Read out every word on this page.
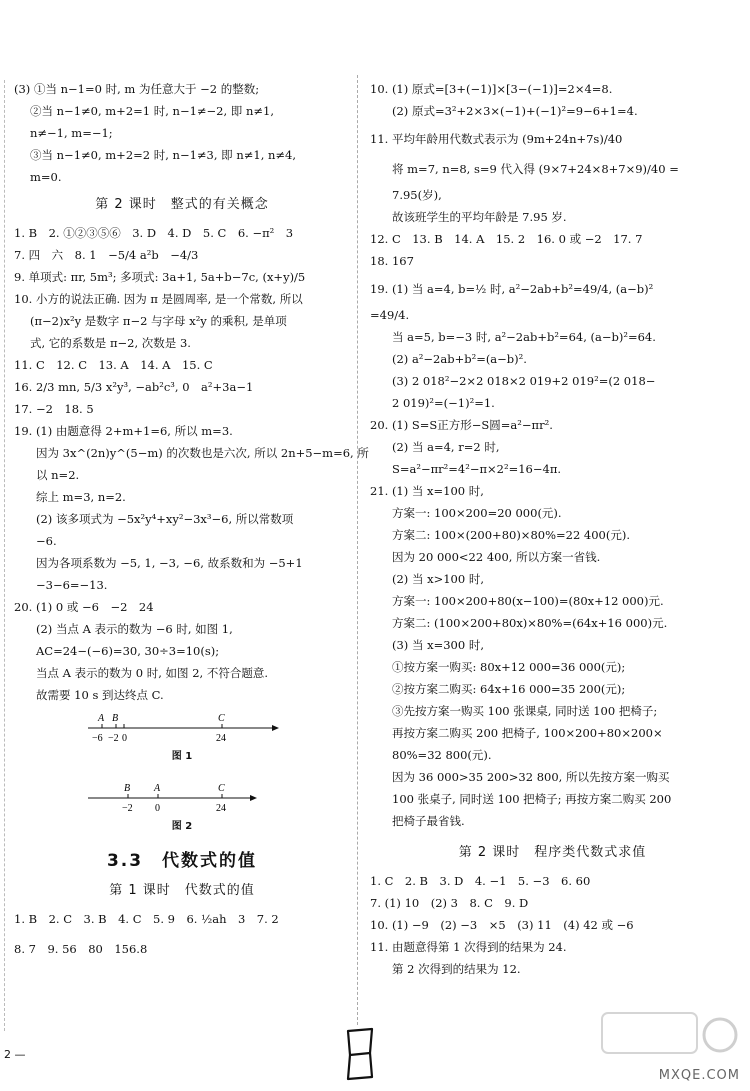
(3) ①当 n−1=0 时, m 为任意大于 −2 的整数;
②当 n−1≠0, m+2=1 时, n−1≠−2, 即 n≠1,
n≠−1, m=−1;
③当 n−1≠0, m+2=2 时, n−1≠3, 即 n≠1, n≠4,
m=0.
第 2 课时　整式的有关概念
1. B　2. ①②③⑤⑥　3. D　4. D　5. C　6. −π²　3
7. 四　六　8. 1　−5/4 a²b　−4/3
9. 单项式: πr, 5m³; 多项式: 3a+1, 5a+b−7c, (x+y)/5
10. 小方的说法正确. 因为 π 是圆周率, 是一个常数, 所以
(π−2)x²y 是数字 π−2 与字母 x²y 的乘积, 是单项
式, 它的系数是 π−2, 次数是 3.
11. C　12. C　13. A　14. A　15. C
16. 2/3 mn, 5/3 x²y³, −ab²c³, 0　a²+3a−1
17. −2　18. 5
19. (1) 由题意得 2+m+1=6, 所以 m=3.
因为 3x^(2n)y^(5−m) 的次数也是六次, 所以 2n+5−m=6, 所
以 n=2.
综上 m=3, n=2.
(2) 该多项式为 −5x²y⁴+xy²−3x³−6, 所以常数项
−6.
因为各项系数为 −5, 1, −3, −6, 故系数和为 −5+1
−3−6=−13.
20. (1) 0 或 −6　−2　24
(2) 当点 A 表示的数为 −6 时, 如图 1,
AC=24−(−6)=30, 30÷3=10(s);
当点 A 表示的数为 0 时, 如图 2, 不符合题意.
故需要 10 s 到达终点 C.
A B	C
−6 −2 0	24
图 1
B A	C
−2 0	24
图 2
3.3　代数式的值
第 1 课时　代数式的值
1. B　2. C　3. B　4. C　5. 9　6. ½ah　3　7. 2
8. 7　9. 56　80　156.8
10. (1) 原式=[3+(−1)]×[3−(−1)]=2×4=8.
(2) 原式=3²+2×3×(−1)+(−1)²=9−6+1=4.
11. 平均年龄用代数式表示为 (9m+24n+7s)/40
将 m=7, n=8, s=9 代入得 (9×7+24×8+7×9)/40 =
7.95(岁),
故该班学生的平均年龄是 7.95 岁.
12. C　13. B　14. A　15. 2　16. 0 或 −2　17. 7
18. 167
19. (1) 当 a=4, b=½ 时, a²−2ab+b²=49/4, (a−b)²
=49/4.
当 a=5, b=−3 时, a²−2ab+b²=64, (a−b)²=64.
(2) a²−2ab+b²=(a−b)².
(3) 2 018²−2×2 018×2 019+2 019²=(2 018−
2 019)²=(−1)²=1.
20. (1) S=S正方形−S圆=a²−πr².
(2) 当 a=4, r=2 时,
S=a²−πr²=4²−π×2²=16−4π.
21. (1) 当 x=100 时,
方案一: 100×200=20 000(元).
方案二: 100×(200+80)×80%=22 400(元).
因为 20 000<22 400, 所以方案一省钱.
(2) 当 x>100 时,
方案一: 100×200+80(x−100)=(80x+12 000)元.
方案二: (100×200+80x)×80%=(64x+16 000)元.
(3) 当 x=300 时,
①按方案一购买: 80x+12 000=36 000(元);
②按方案二购买: 64x+16 000=35 200(元);
③先按方案一购买 100 张课桌, 同时送 100 把椅子;
再按方案二购买 200 把椅子, 100×200+80×200×
80%=32 800(元).
因为 36 000>35 200>32 800, 所以先按方案一购买
100 张桌子, 同时送 100 把椅子; 再按方案二购买 200
把椅子最省钱.
第 2 课时　程序类代数式求值
1. C　2. B　3. D　4. −1　5. −3　6. 60
7. (1) 10　(2) 3　8. C　9. D
10. (1) −9　(2) −3　×5　(3) 11　(4) 42 或 −6
11. 由题意得第 1 次得到的结果为 24.
第 2 次得到的结果为 12.
2 —
MXQE.COM
